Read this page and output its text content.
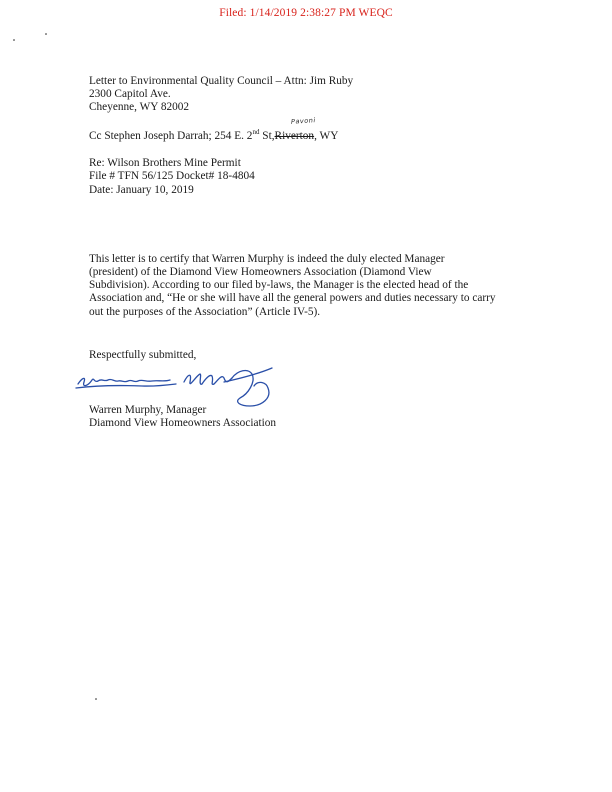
Filed: 1/14/2019 2:38:27 PM WEQC
Letter to Environmental Quality Council – Attn: Jim Ruby
2300 Capitol Ave.
Cheyenne, WY 82002
Pavo‍ni
Cc Stephen Joseph Darrah; 254 E. 2nd St,Riverton, WY
Re: Wilson Brothers Mine Permit
File # TFN 56/125 Docket# 18-4804
Date: January 10, 2019
This letter is to certify that Warren Murphy is indeed the duly elected Manager
(president) of the Diamond View Homeowners Association (Diamond View
Subdivision). According to our filed by-laws, the Manager is the elected head of the
Association and, “He or she will have all the general powers and duties necessary to carry
out the purposes of the Association” (Article IV-5).
Respectfully submitted,
Warren Murphy Warren Murphy, Manager
Diamond View Homeowners Association
